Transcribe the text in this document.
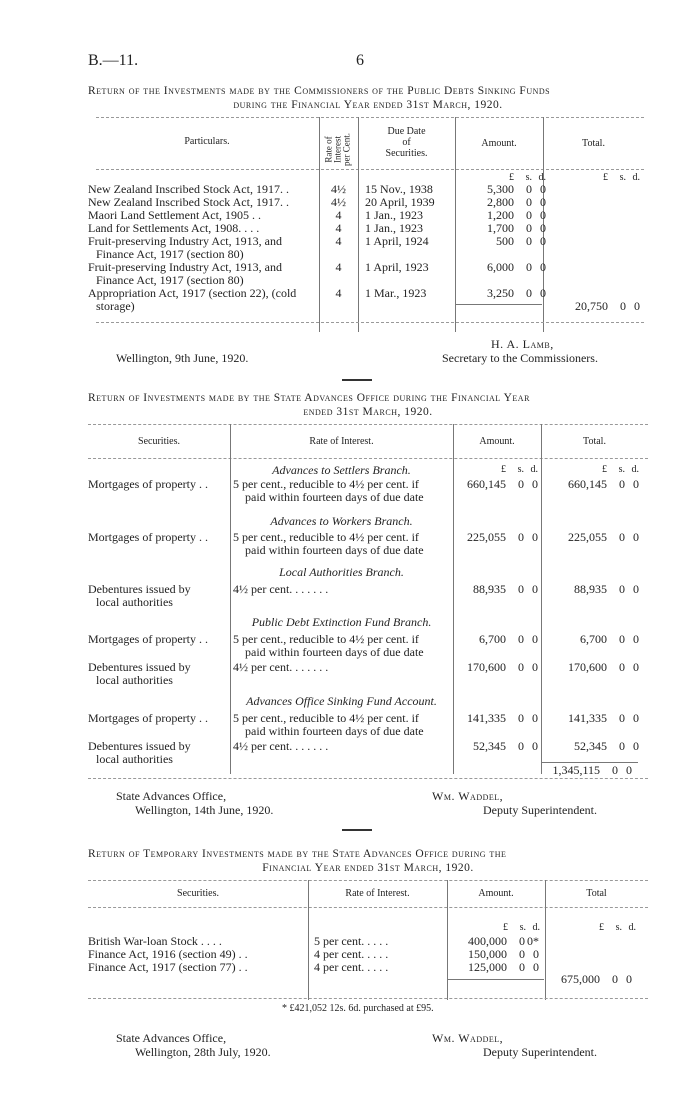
B.—11.	6
Return of the Investments made by the Commissioners of the Public Debts Sinking Funds
during the Financial Year ended 31st March, 1920.
Particulars.	Rate of Interest per Cent.
Due Date
of
Securities.
Amount.	Total.
£ s. d.	£ s. d.
New Zealand Inscribed Stock Act, 1917. .	4½	15 Nov., 1938	5,300 0 0
New Zealand Inscribed Stock Act, 1917. .	4½	20 April, 1939	2,800 0 0
Maori Land Settlement Act, 1905 . .	4	1 Jan., 1923	1,200 0 0
Land for Settlements Act, 1908. . . .	4	1 Jan., 1923	1,700 0 0
Fruit-preserving Industry Act, 1913, and
Finance Act, 1917 (section 80)
4	1 April, 1924	500 0 0
Fruit-preserving Industry Act, 1913, and
Finance Act, 1917 (section 80)
4	1 April, 1923	6,000 0 0
Appropriation Act, 1917 (section 22), (cold
storage)
4	1 Mar., 1923	3,250 0 0
20,750 0 0
H. A. Lamb,
Wellington, 9th June, 1920.	Secretary to the Commissioners.
Return of Investments made by the State Advances Office during the Financial Year
ended 31st March, 1920.
Securities.	Rate of Interest.	Amount.	Total.
Advances to Settlers Branch.	£ s. d.	£ s. d.
Mortgages of property . . 5 per cent., reducible to 4½ per cent. if
paid within fourteen days of due date
660,145 0 0	660,145 0 0
Advances to Workers Branch.
Mortgages of property . . 5 per cent., reducible to 4½ per cent. if
paid within fourteen days of due date
225,055 0 0	225,055 0 0
Local Authorities Branch.
Debentures issued by
local authorities
4½ per cent. . . . . . .	88,935 0 0	88,935 0 0
Public Debt Extinction Fund Branch.
Mortgages of property . . 5 per cent., reducible to 4½ per cent. if
paid within fourteen days of due date
6,700 0 0	6,700 0 0
Debentures issued by
local authorities
4½ per cent. . . . . . .	170,600 0 0	170,600 0 0
Advances Office Sinking Fund Account.
Mortgages of property . . 5 per cent., reducible to 4½ per cent. if
paid within fourteen days of due date
141,335 0 0	141,335 0 0
Debentures issued by
local authorities
4½ per cent. . . . . . .	52,345 0 0	52,345 0 0
1,345,115 0 0
State Advances Office,	Wm. Waddel,
Wellington, 14th June, 1920.	Deputy Superintendent.
Return of Temporary Investments made by the State Advances Office during the
Financial Year ended 31st March, 1920.
Securities.	Rate of Interest.	Amount.	Total
£ s. d.	£ s. d.
British War-loan Stock . . . .	5 per cent. . . . .	400,000 0 0*
Finance Act, 1916 (section 49) . .	4 per cent. . . . .	150,000 0 0
Finance Act, 1917 (section 77) . .	4 per cent. . . . .	125,000 0 0
675,000 0 0
* £421,052 12s. 6d. purchased at £95.
State Advances Office,	Wm. Waddel,
Wellington, 28th July, 1920.	Deputy Superintendent.
